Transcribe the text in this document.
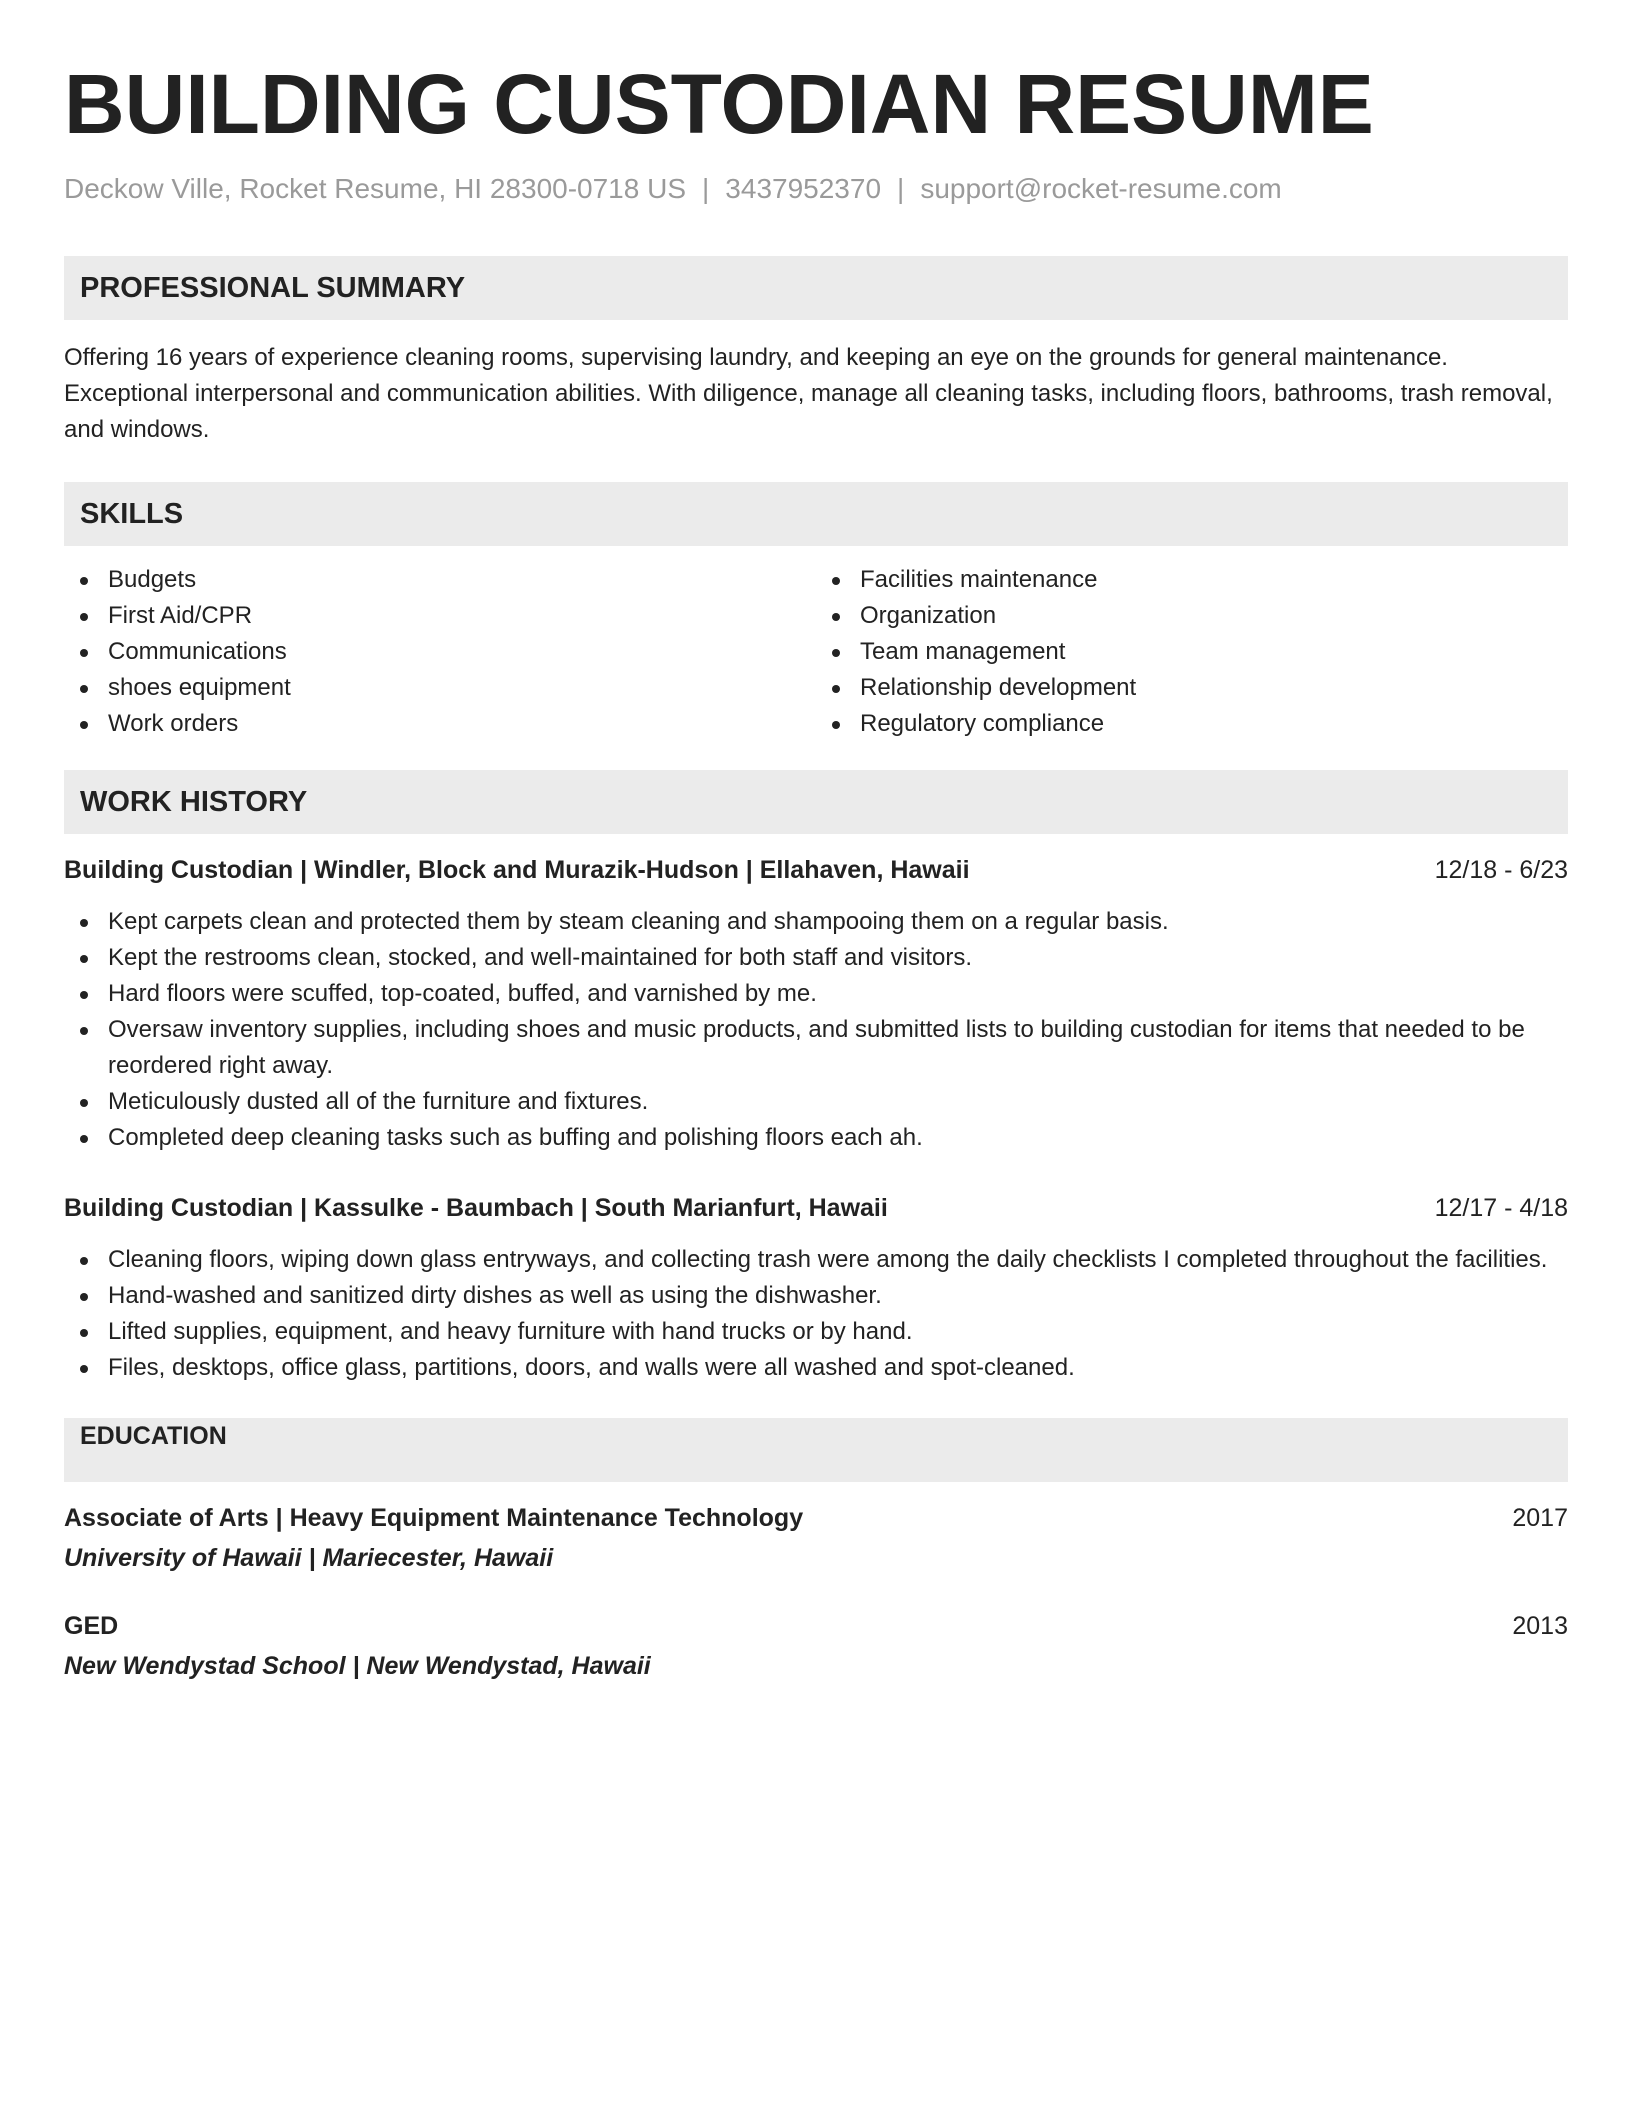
BUILDING CUSTODIAN RESUME
Deckow Ville, Rocket Resume, HI 28300-0718 US | 3437952370 | support@rocket-resume.com
PROFESSIONAL SUMMARY
Offering 16 years of experience cleaning rooms, supervising laundry, and keeping an eye on the grounds for general maintenance. Exceptional interpersonal and communication abilities. With diligence, manage all cleaning tasks, including floors, bathrooms, trash removal, and windows.
SKILLS
Budgets
First Aid/CPR
Communications
shoes equipment
Work orders
Facilities maintenance
Organization
Team management
Relationship development
Regulatory compliance
WORK HISTORY
Building Custodian | Windler, Block and Murazik-Hudson | Ellahaven, Hawaii	12/18 - 6/23
Kept carpets clean and protected them by steam cleaning and shampooing them on a regular basis.
Kept the restrooms clean, stocked, and well-maintained for both staff and visitors.
Hard floors were scuffed, top-coated, buffed, and varnished by me.
Oversaw inventory supplies, including shoes and music products, and submitted lists to building custodian for items that needed to be reordered right away.
Meticulously dusted all of the furniture and fixtures.
Completed deep cleaning tasks such as buffing and polishing floors each ah.
Building Custodian | Kassulke - Baumbach | South Marianfurt, Hawaii	12/17 - 4/18
Cleaning floors, wiping down glass entryways, and collecting trash were among the daily checklists I completed throughout the facilities.
Hand-washed and sanitized dirty dishes as well as using the dishwasher.
Lifted supplies, equipment, and heavy furniture with hand trucks or by hand.
Files, desktops, office glass, partitions, doors, and walls were all washed and spot-cleaned.
EDUCATION
Associate of Arts | Heavy Equipment Maintenance Technology	2017
University of Hawaii | Mariecester, Hawaii
GED	2013
New Wendystad School | New Wendystad, Hawaii
